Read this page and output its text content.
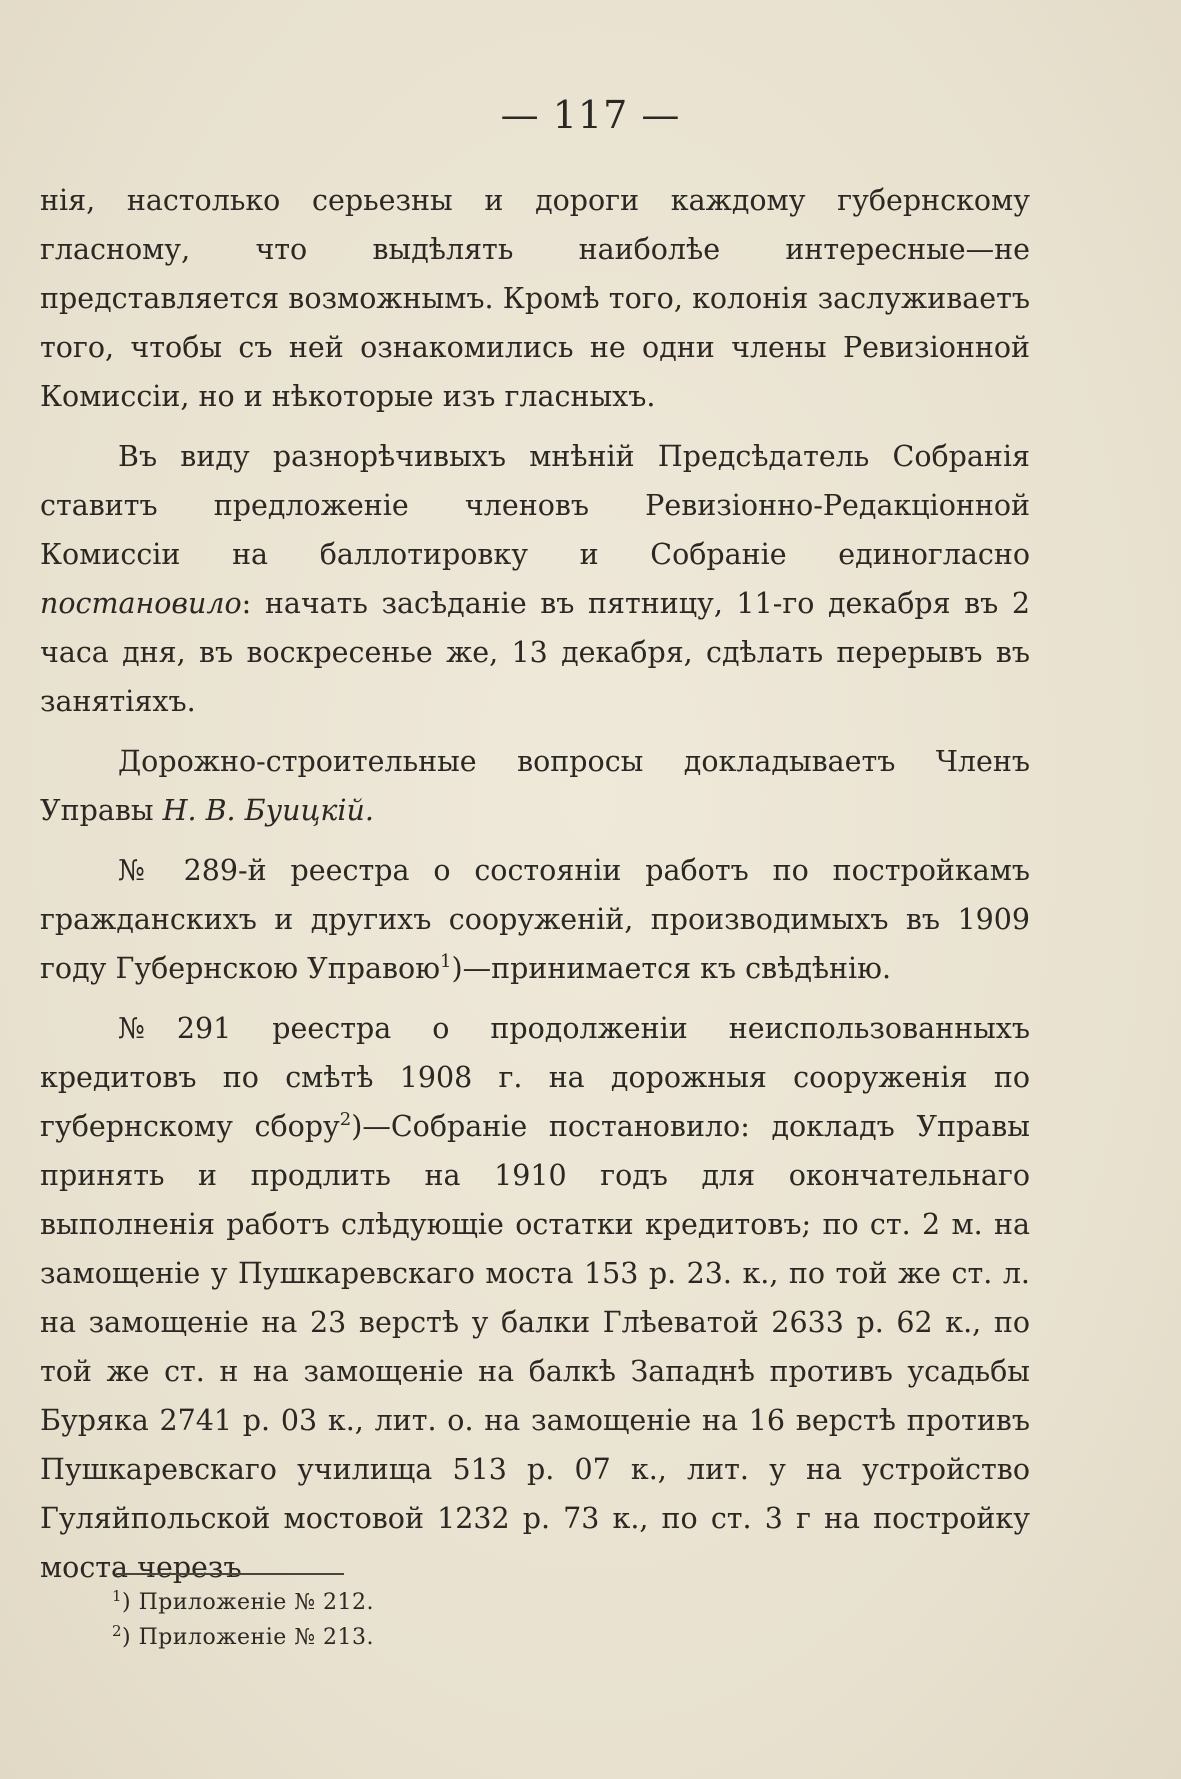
— 117 —

нія, настолько серьезны и дороги каждому губернскому гласному, что выдѣлять наиболѣе интересные—не представляется возможнымъ. Кромѣ того, колонія заслуживаетъ того, чтобы съ ней ознакомились не одни члены Ревизіонной Комиссіи, но и нѣкоторые изъ гласныхъ.

Въ виду разнорѣчивыхъ мнѣній Предсѣдатель Собранія ставитъ предложеніе членовъ Ревизіонно-Редакціонной Комиссіи на баллотировку и Собраніе единогласно постановило: начать засѣданіе въ пятницу, 11-го декабря въ 2 часа дня, въ воскресенье же, 13 декабря, сдѣлать перерывъ въ занятіяхъ.

Дорожно-строительные вопросы докладываетъ Членъ Управы Н. В. Буицкій.

№ 289-й реестра о состояніи работъ по постройкамъ гражданскихъ и другихъ сооруженій, производимыхъ въ 1909 году Губернскою Управою$^1$)—принимается къ свѣдѣнію.

№291 реестра о продолженіи неиспользованныхъ кредитовъ по смѣтѣ 1908 г. на дорожныя сооруженія по губернскому сбору$^2$)—Собраніе постановило: докладъ Управы принять и продлить на 1910 годъ для окончательнаго выполненія работъ слѣдующіе остатки кредитовъ; по ст. 2 м. на замощеніе у Пушкаревскаго моста 153 р. 23. к., по той же ст. л. на замощеніе на 23 верстѣ у балки Глѣеватой 2633 р. 62 к., по той же ст. н на замощеніе на балкѣ Западнѣ противъ усадьбы Буряка 2741 р. 03 к., лит. о. на замощеніе на 16 верстѣ противъ Пушкаревскаго училища 513 р. 07 к., лит. у на устройство Гуляйпольской мостовой 1232 р. 73 к., по ст. 3 г на постройку моста черезъ

$^1$) Приложеніе № 212.
$^2$) Приложеніе № 213.
